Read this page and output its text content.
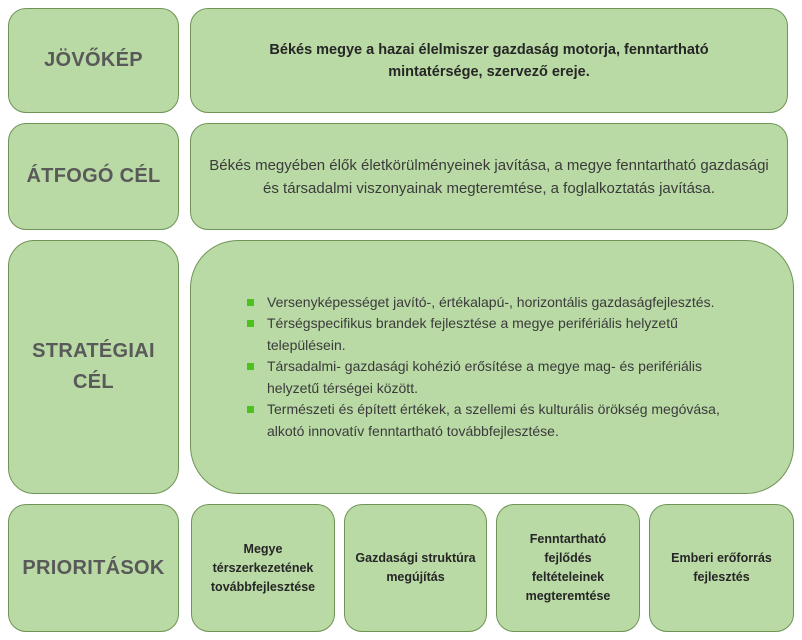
JÖVŐKÉP	Békés megye a hazai élelmiszer gazdaság motorja, fenntartható mintatérsége, szervező ereje.
ÁTFOGÓ CÉL	Békés megyében élők életkörülményeinek javítása, a megye fenntartható gazdasági és társadalmi viszonyainak megteremtése, a foglalkoztatás javítása.
STRATÉGIAI
CÉL
Versenyképességet javító-, értékalapú-, horizontális gazdaságfejlesztés.
Térségspecifikus brandek fejlesztése a megye perifériális helyzetű településein.
Társadalmi- gazdasági kohézió erősítése a megye mag- és perifériális helyzetű térségei között.
Természeti és épített értékek, a szellemi és kulturális örökség megóvása, alkotó innovatív fenntartható továbbfejlesztése.
PRIORITÁSOK
Megye térszerkezetének továbbfejlesztése
Gazdasági struktúra megújítás
Fenntartható fejlődés feltételeinek megteremtése
Emberi erőforrás fejlesztés
